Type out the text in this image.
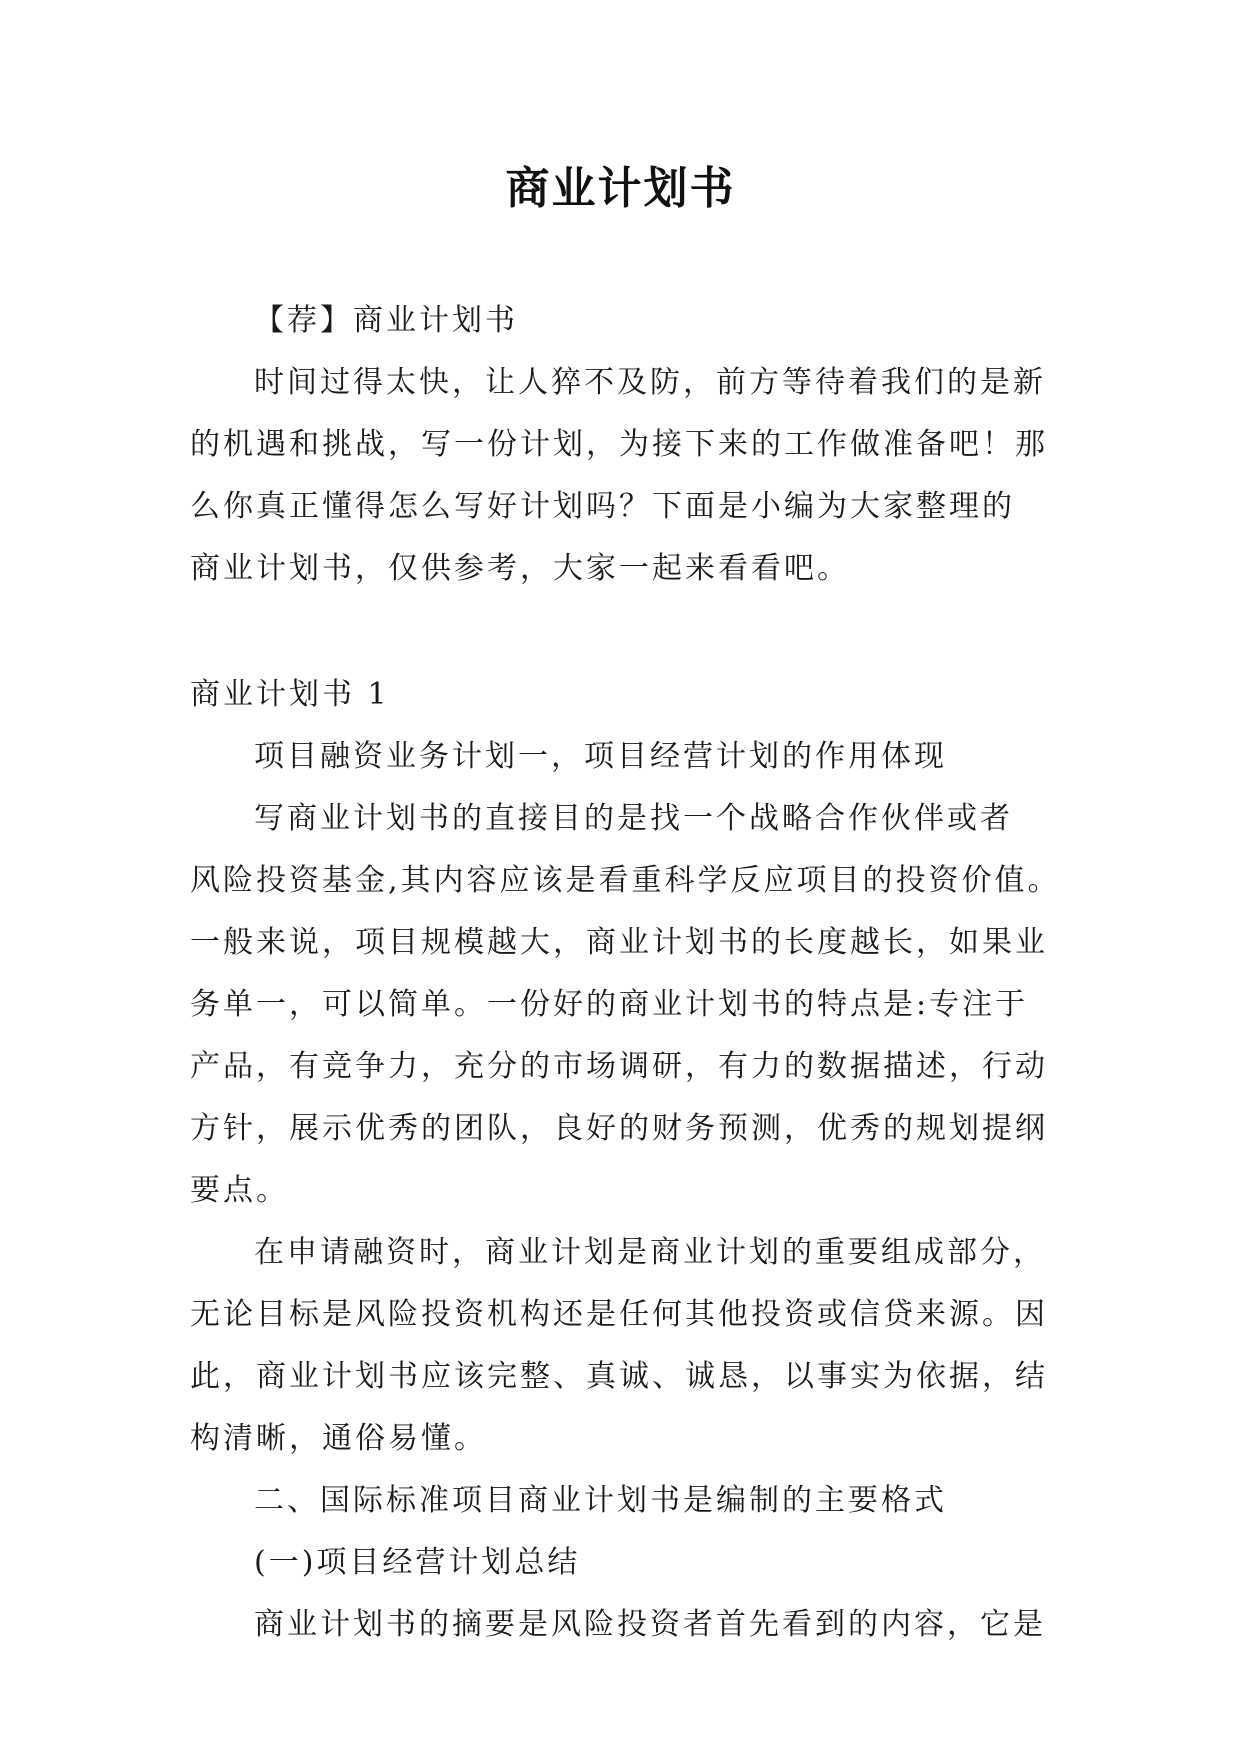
商业计划书
【荐】商业计划书
时间过得太快，让人猝不及防，前方等待着我们的是新
的机遇和挑战，写一份计划，为接下来的工作做准备吧！那
么你真正懂得怎么写好计划吗？下面是小编为大家整理的
商业计划书，仅供参考，大家一起来看看吧。
商业计划书 1
项目融资业务计划一，项目经营计划的作用体现
写商业计划书的直接目的是找一个战略合作伙伴或者
风险投资基金,其内容应该是看重科学反应项目的投资价值。
一般来说，项目规模越大，商业计划书的长度越长，如果业
务单一，可以简单。一份好的商业计划书的特点是:专注于
产品，有竞争力，充分的市场调研，有力的数据描述，行动
方针，展示优秀的团队，良好的财务预测，优秀的规划提纲
要点。
在申请融资时，商业计划是商业计划的重要组成部分，
无论目标是风险投资机构还是任何其他投资或信贷来源。因
此，商业计划书应该完整、真诚、诚恳，以事实为依据，结
构清晰，通俗易懂。
二、国际标准项目商业计划书是编制的主要格式
(一)项目经营计划总结
商业计划书的摘要是风险投资者首先看到的内容，它是
